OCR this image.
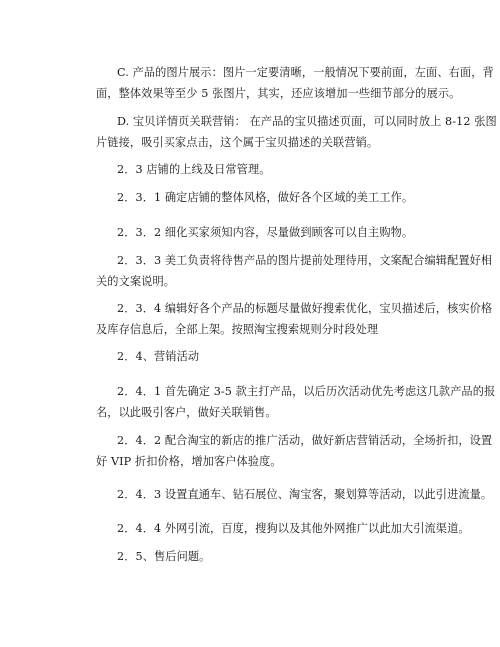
C. 产品的图片展示：图片一定要清晰，一般情况下要前面，左面、右面，背
面，整体效果等至少 5 张图片，其实，还应该增加一些细节部分的展示。

D. 宝贝详情页关联营销： 在产品的宝贝描述页面，可以同时放上 8-12 张图
片链接，吸引买家点击，这个属于宝贝描述的关联营销。

2．3 店铺的上线及日常管理。

2．3．1 确定店铺的整体风格，做好各个区域的美工工作。

2．3．2 细化买家须知内容，尽量做到顾客可以自主购物。

2．3．3 美工负责将待售产品的图片提前处理待用，文案配合编辑配置好相
关的文案说明。

2．3．4 编辑好各个产品的标题尽量做好搜索优化，宝贝描述后，核实价格
及库存信息后，全部上架。按照淘宝搜索规则分时段处理

2．4、营销活动

2．4．1 首先确定 3-5 款主打产品，以后历次活动优先考虑这几款产品的报
名，以此吸引客户，做好关联销售。

2．4．2 配合淘宝的新店的推广活动，做好新店营销活动，全场折扣，设置
好 VIP 折扣价格，增加客户体验度。

2．4．3 设置直通车、钻石展位、淘宝客，聚划算等活动，以此引进流量。

2．4．4 外网引流，百度，搜狗以及其他外网推广以此加大引流渠道。

2．5、售后问题。
